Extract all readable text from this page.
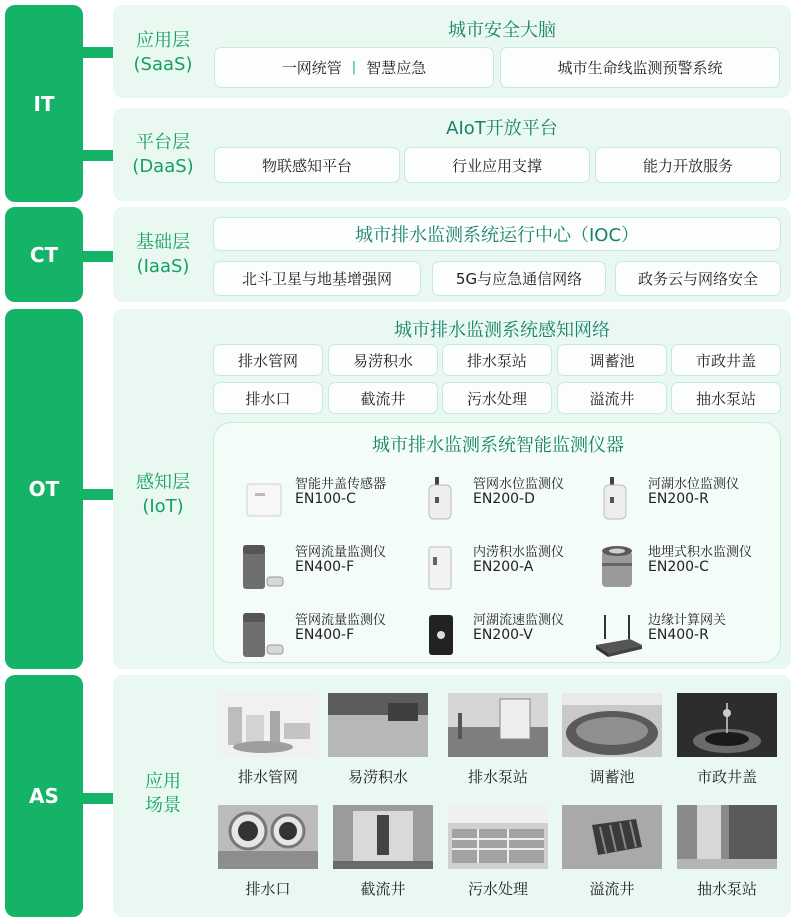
IT
CT
OT
AS
应用层
(SaaS)
城市安全大脑
一网统管 | 智慧应急	城市生命线监测预警系统
平台层
(DaaS)
AIoT开放平台
物联感知平台	行业应用支撑	能力开放服务
基础层
(IaaS)
城市排水监测系统运行中心（IOC）
北斗卫星与地基增强网	5G与应急通信网络	政务云与网络安全
感知层
(IoT)
城市排水监测系统感知网络
排水管网	易涝积水	排水泵站	调蓄池	市政井盖
排水口	截流井	污水处理	溢流井	抽水泵站
城市排水监测系统智能监测仪器
智能井盖传感器
EN100-C
管网水位监测仪
EN200-D
河湖水位监测仪
EN200-R
管网流量监测仪
EN400-F
内涝积水监测仪
EN200-A
地埋式积水监测仪
EN200-C
管网流量监测仪
EN400-F
河湖流速监测仪
EN200-V
边缘计算网关
EN400-R
应用
场景
排水管网	易涝积水	排水泵站	调蓄池	市政井盖
排水口	截流井	污水处理	溢流井	抽水泵站
